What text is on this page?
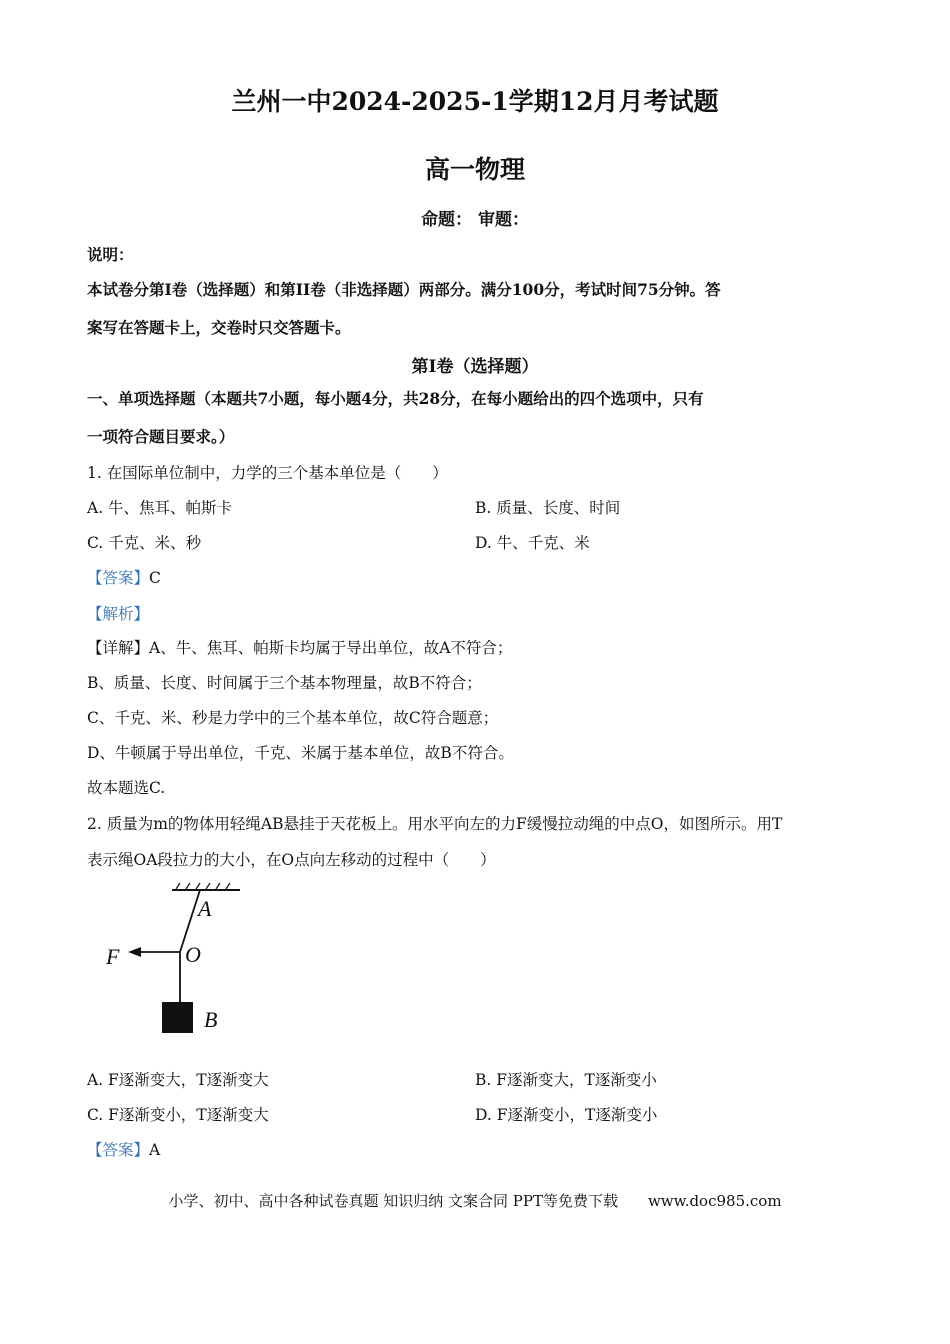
兰州一中2024-2025-1学期12月月考试题
高一物理
命题： 审题：
说明：
本试卷分第I卷（选择题）和第II卷（非选择题）两部分。满分100分，考试时间75分钟。答
案写在答题卡上，交卷时只交答题卡。
第I卷（选择题）
一、单项选择题（本题共7小题，每小题4分，共28分，在每小题给出的四个选项中，只有
一项符合题目要求。）
1. 在国际单位制中，力学的三个基本单位是（　　）
A. 牛、焦耳、帕斯卡	B. 质量、长度、时间
C. 千克、米、秒	D. 牛、千克、米
【答案】C
【解析】
【详解】A、牛、焦耳、帕斯卡均属于导出单位，故A不符合；
B、质量、长度、时间属于三个基本物理量，故B不符合；
C、千克、米、秒是力学中的三个基本单位，故C符合题意；
D、牛顿属于导出单位，千克、米属于基本单位，故B不符合。
故本题选C.
2. 质量为m的物体用轻绳AB悬挂于天花板上。用水平向左的力F缓慢拉动绳的中点O，如图所示。用T
表示绳OA段拉力的大小，在O点向左移动的过程中（　　）
A
O
F
B
A. F逐渐变大，T逐渐变大	B. F逐渐变大，T逐渐变小
C. F逐渐变小，T逐渐变大	D. F逐渐变小，T逐渐变小
【答案】A
小学、初中、高中各种试卷真题 知识归纳 文案合同 PPT等免费下载　　www.doc985.com
